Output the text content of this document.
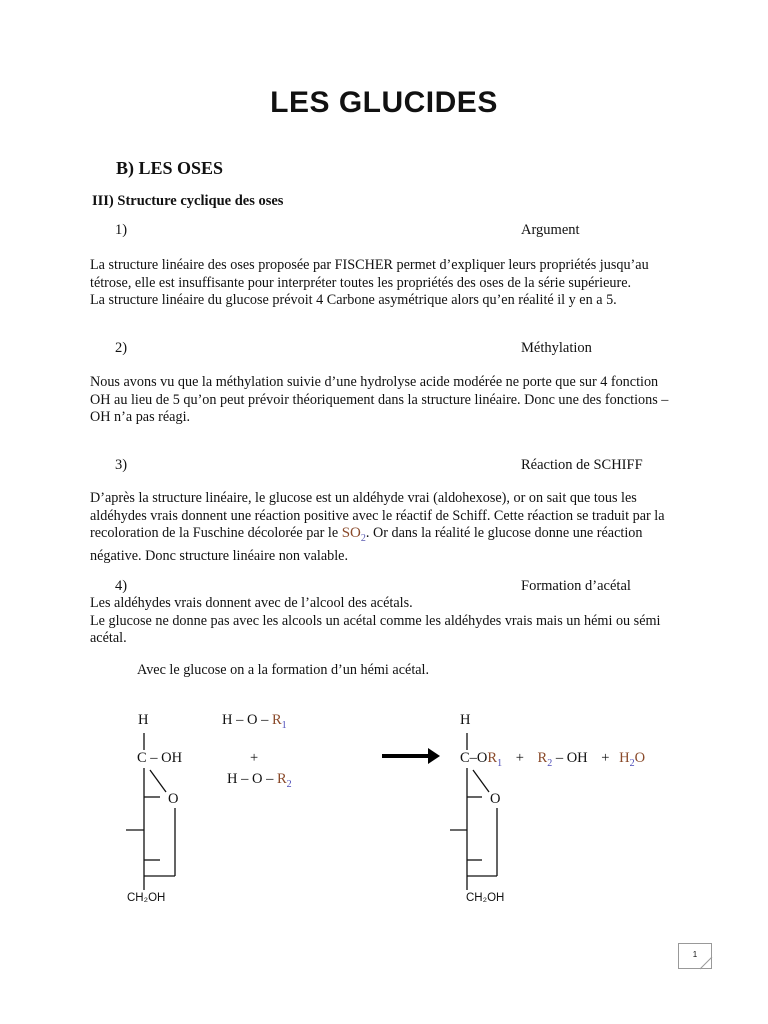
LES GLUCIDES
B) LES OSES
III) Structure cyclique des oses
1)	Argument

La structure linéaire des oses proposée par FISCHER permet d’expliquer leurs propriétés jusqu’au tétrose, elle est insuffisante pour interpréter toutes les propriétés des oses de la série supérieure.

La structure linéaire du glucose prévoit 4 Carbone asymétrique alors qu’en réalité il y en a 5.

2)	Méthylation

Nous avons vu que la méthylation suivie d’une hydrolyse acide modérée ne porte que sur 4 fonction OH au lieu de 5 qu’on peut prévoir théoriquement dans la structure linéaire. Donc une des fonctions –OH n’a pas réagi.

3)	Réaction de SCHIFF

D’après la structure linéaire, le glucose est un aldéhyde vrai (aldohexose), or on sait que tous les aldéhydes vrais donnent une réaction positive avec le réactif de Schiff. Cette réaction se traduit par la recoloration de la Fuschine décolorée par le $SO_2$. Or dans la réalité le glucose donne une réaction négative. Donc structure linéaire non valable.

4)	Formation d’acétal

Les aldéhydes vrais donnent avec de l’alcool des acétals.

Le glucose ne donne pas avec les alcools un acétal comme les aldéhydes vrais mais un hémi ou sémi acétal.

Avec le glucose on a la formation d’un hémi acétal.
H
C – OH
O
CH₂OH
H – O – $R_1$
+
H – O – $R_2$
H
$C-OR_1 + R_2$ – OH + $H_2O$
O
CH₂OH
1
